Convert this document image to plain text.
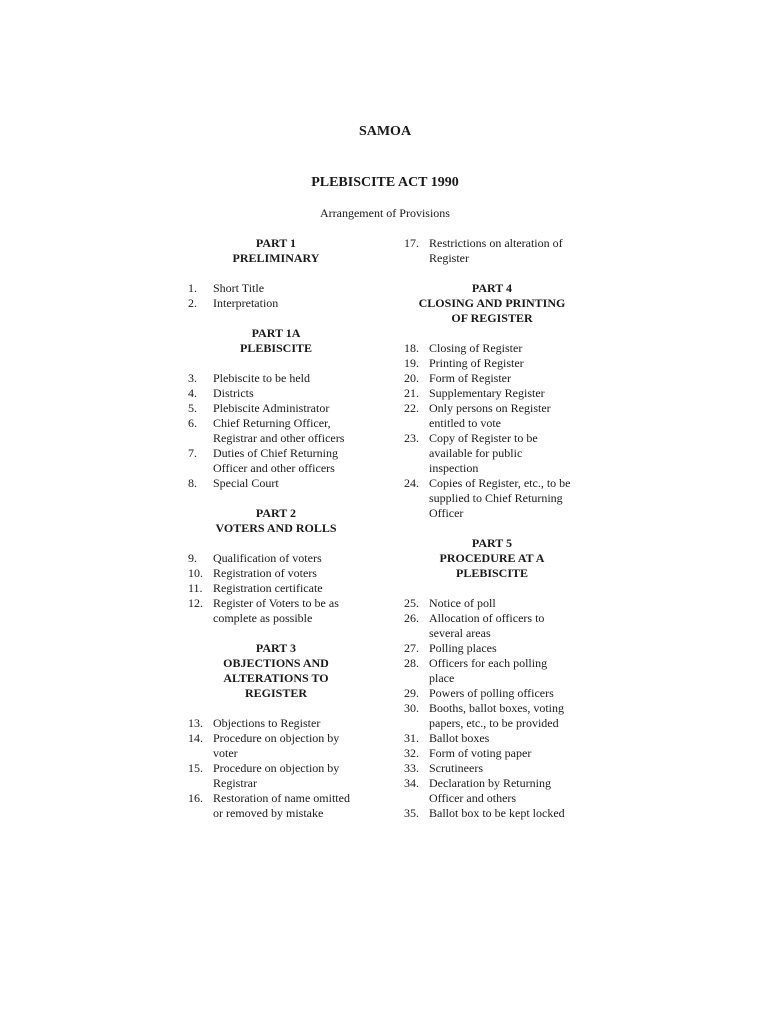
SAMOA
PLEBISCITE ACT 1990
Arrangement of Provisions
PART 1
PRELIMINARY
1.	Short Title
2.	Interpretation
PART 1A
PLEBISCITE
3.	Plebiscite to be held
4.	Districts
5.	Plebiscite Administrator
6.	Chief Returning Officer,
Registrar and other officers
7.	Duties of Chief Returning
Officer and other officers
8.	Special Court
PART 2
VOTERS AND ROLLS
9.	Qualification of voters
10. Registration of voters
11. Registration certificate
12. Register of Voters to be as
complete as possible
PART 3
OBJECTIONS AND
ALTERATIONS TO
REGISTER
13. Objections to Register
14. Procedure on objection by
voter
15. Procedure on objection by
Registrar
16. Restoration of name omitted
or removed by mistake
17. Restrictions on alteration of
Register
PART 4
CLOSING AND PRINTING
OF REGISTER
18. Closing of Register
19. Printing of Register
20. Form of Register
21. Supplementary Register
22. Only persons on Register
entitled to vote
23. Copy of Register to be
available for public
inspection
24. Copies of Register, etc., to be
supplied to Chief Returning
Officer
PART 5
PROCEDURE AT A
PLEBISCITE
25. Notice of poll
26. Allocation of officers to
several areas
27. Polling places
28. Officers for each polling
place
29. Powers of polling officers
30. Booths, ballot boxes, voting
papers, etc., to be provided
31. Ballot boxes
32. Form of voting paper
33. Scrutineers
34. Declaration by Returning
Officer and others
35. Ballot box to be kept locked
